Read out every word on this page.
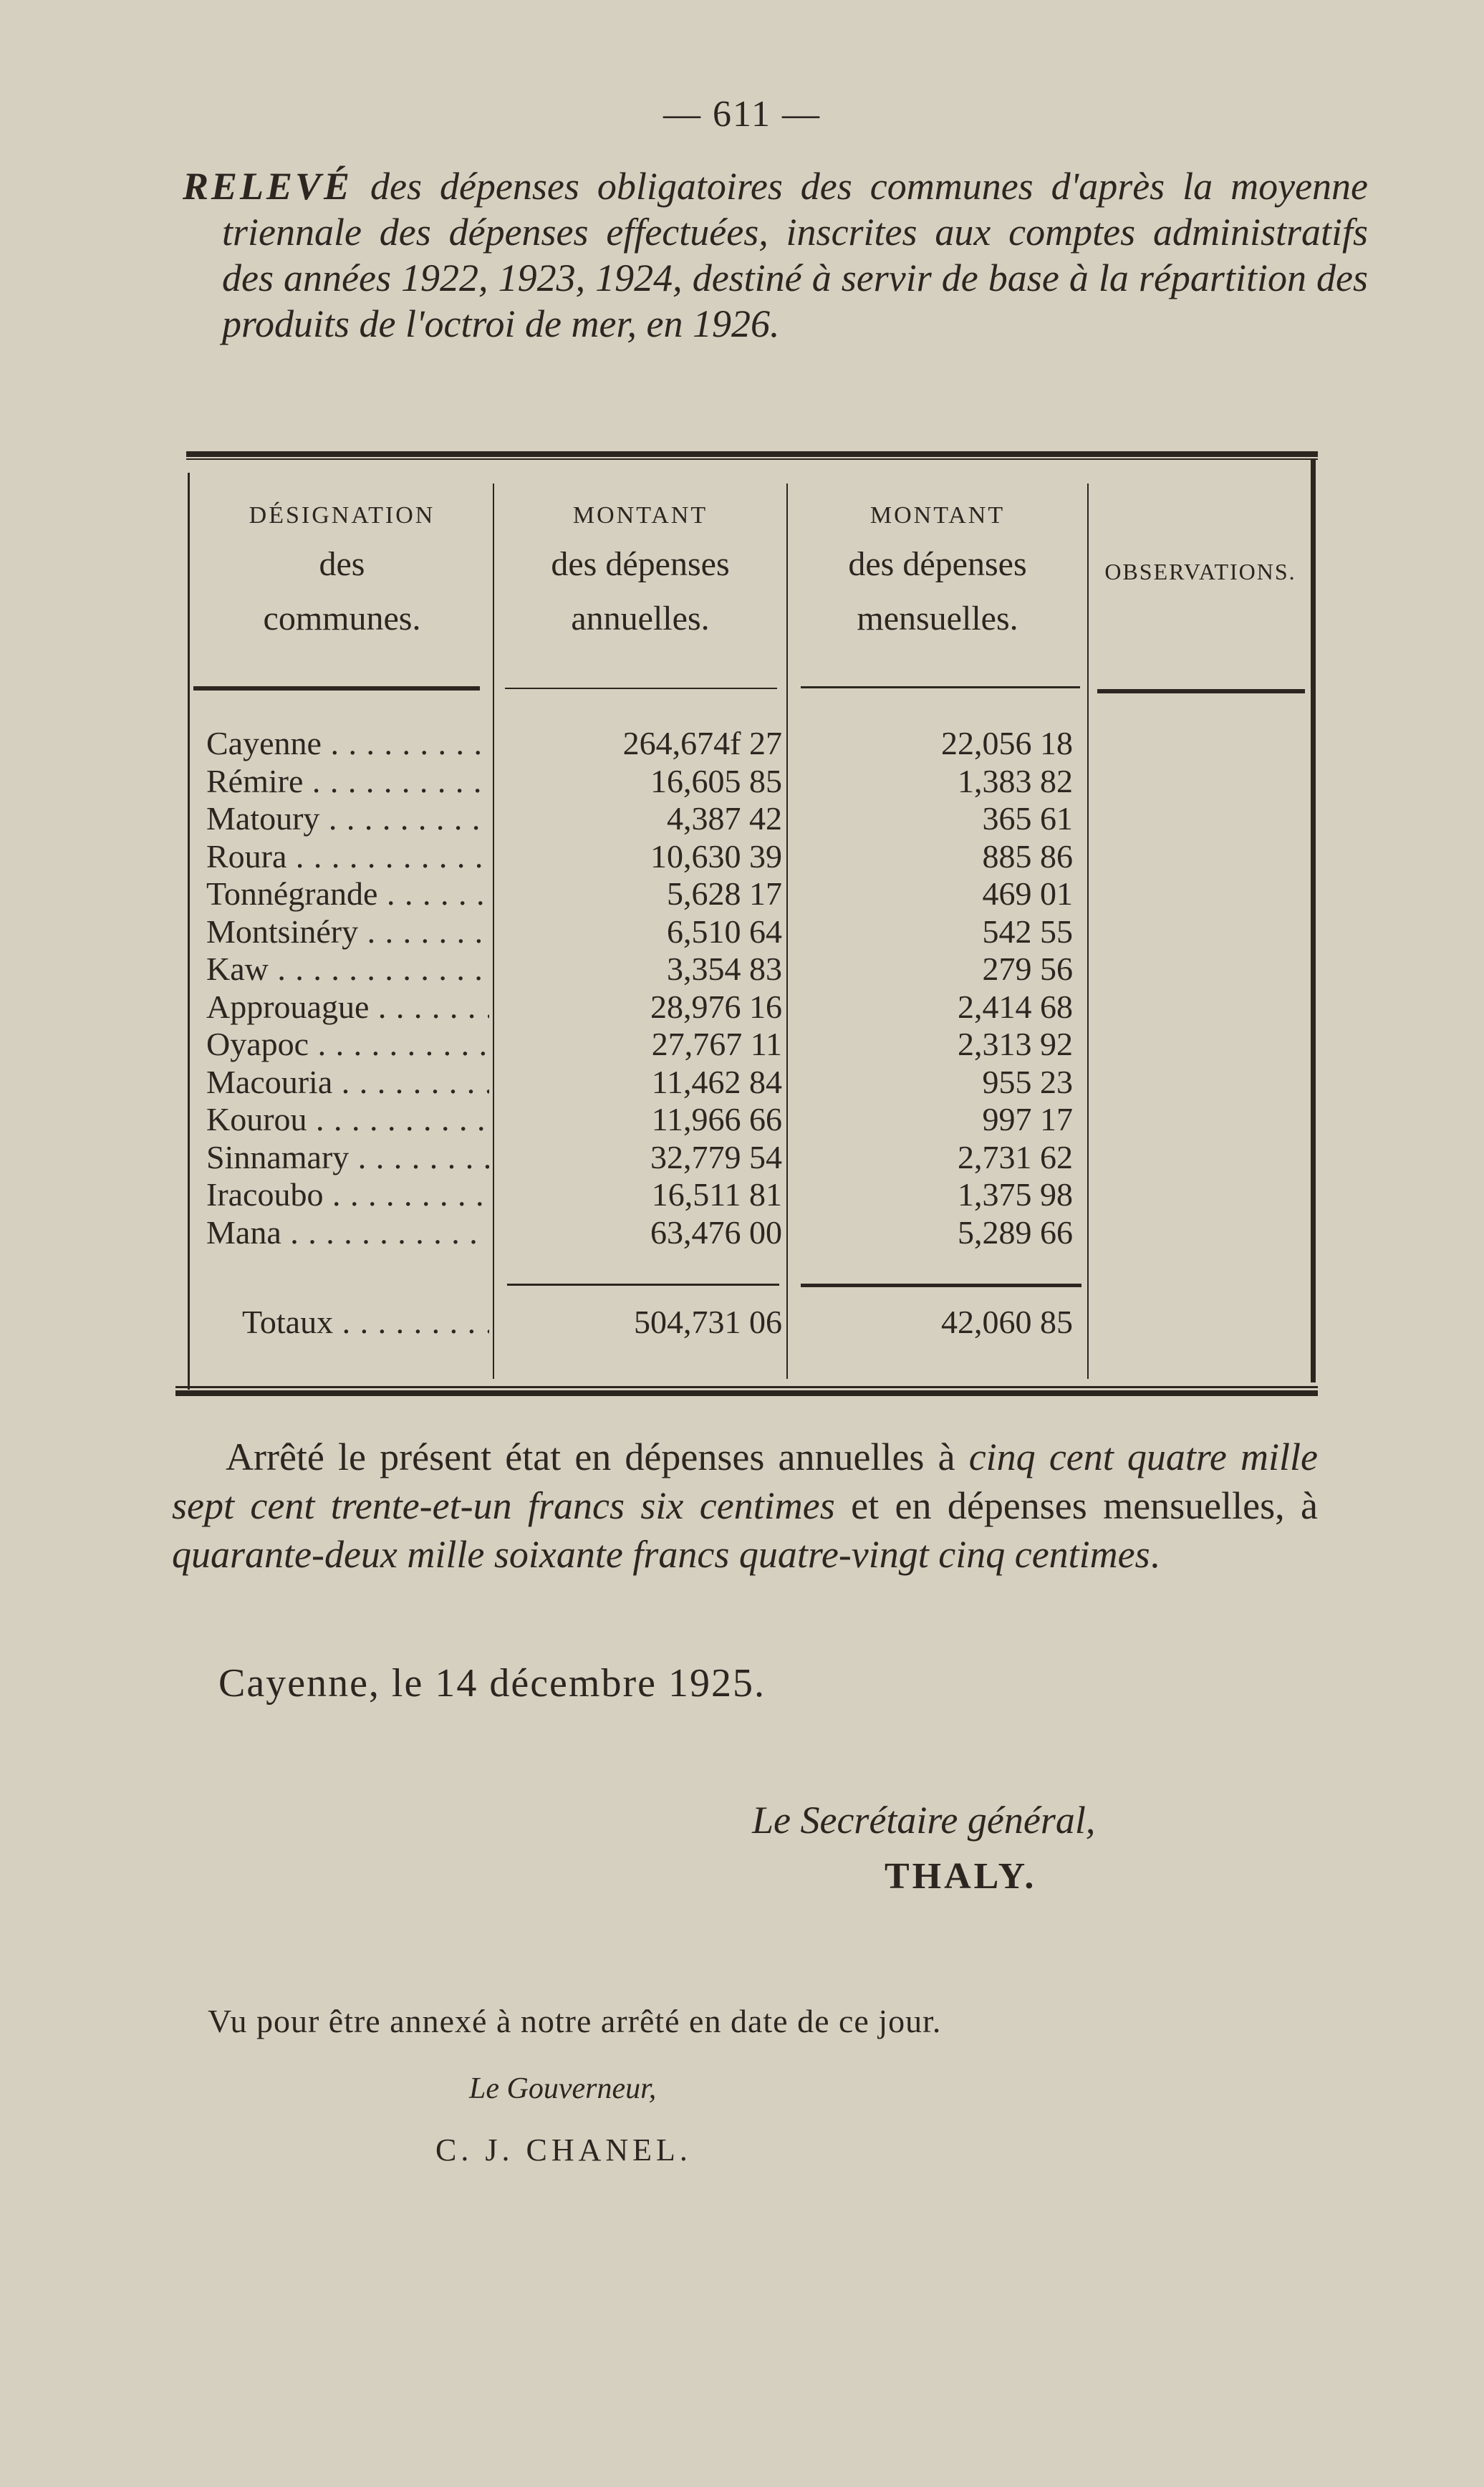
— 611 —
RELEVÉ des dépenses obligatoires des communes d'après la moyenne triennale des dépenses effectuées, inscrites aux comptes administratifs des années 1922, 1923, 1924, destiné à servir de base à la répartition des produits de l'octroi de mer, en 1926.
DÉSIGNATION
des
communes.
MONTANT
des dépenses
annuelles.
MONTANT
des dépenses
mensuelles.
OBSERVATIONS.
Cayenne . . .	264,674f 27	22,056 18
Rémire . . .	16,605 85	1,383 82
Matoury . . .	4,387 42	365 61
Roura . . .	10,630 39	885 86
Tonnégrande . . .	5,628 17	469 01
Montsinéry . . .	6,510 64	542 55
Kaw . . .	3,354 83	279 56
Approuague . . .	28,976 16	2,414 68
Oyapoc . . .	27,767 11	2,313 92
Macouria . . .	11,462 84	955 23
Kourou . . .	11,966 66	997 17
Sinnamary . . .	32,779 54	2,731 62
Iracoubo . . .	16,511 81	1,375 98
Mana . . .	63,476 00	5,289 66
Totaux . . .	504,731 06	42,060 85
Arrêté le présent état en dépenses annuelles à cinq cent quatre mille sept cent trente-et-un francs six centimes et en dépenses mensuelles, à quarante-deux mille soixante francs quatre-vingt cinq centimes.
Cayenne, le 14 décembre 1925.
Le Secrétaire général,
THALY.
Vu pour être annexé à notre arrêté en date de ce jour.
Le Gouverneur,
C. J. CHANEL.
